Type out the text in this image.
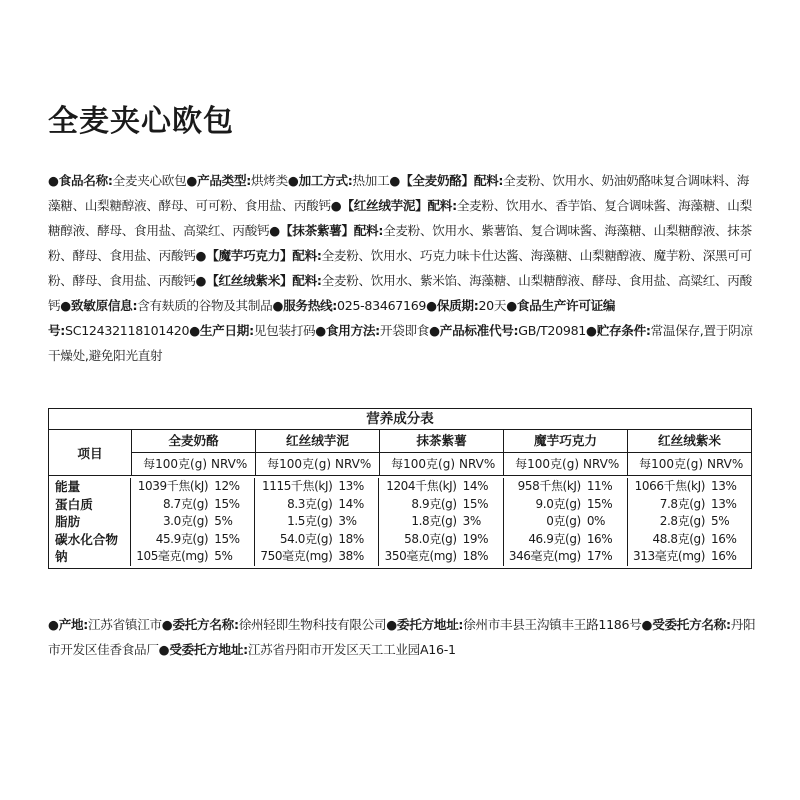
全麦夹心欧包
●食品名称:全麦夹心欧包●产品类型:烘烤类●加工方式:热加工●【全麦奶酪】配料:全麦粉、饮用水、奶油奶酪味复合调味料、海藻糖、山梨糖醇液、酵母、可可粉、食用盐、丙酸钙●【红丝绒芋泥】配料:全麦粉、饮用水、香芋馅、复合调味酱、海藻糖、山梨糖醇液、酵母、食用盐、高粱红、丙酸钙●【抹茶紫薯】配料:全麦粉、饮用水、紫薯馅、复合调味酱、海藻糖、山梨糖醇液、抹茶粉、酵母、食用盐、丙酸钙●【魔芋巧克力】配料:全麦粉、饮用水、巧克力味卡仕达酱、海藻糖、山梨糖醇液、魔芋粉、深黑可可粉、酵母、食用盐、丙酸钙●【红丝绒紫米】配料:全麦粉、饮用水、紫米馅、海藻糖、山梨糖醇液、酵母、食用盐、高粱红、丙酸钙●致敏原信息:含有麸质的谷物及其制品●服务热线:025-83467169●保质期:20天●食品生产许可证编号:SC12432118101420●生产日期:见包装打码●食用方法:开袋即食●产品标准代号:GB/T20981●贮存条件:常温保存,置于阴凉干燥处,避免阳光直射
营养成分表
项目
全麦奶酪
每100克(g) NRV%
红丝绒芋泥
每100克(g) NRV%
抹茶紫薯
每100克(g) NRV%
魔芋巧克力
每100克(g) NRV%
红丝绒紫米
每100克(g) NRV%
能量
蛋白质
脂肪
碳水化合物
钠
1039千焦(kJ) 12%
8.7克(g) 15%
3.0克(g) 5%
45.9克(g) 15%
105毫克(mg) 5%
1115千焦(kJ) 13%
8.3克(g) 14%
1.5克(g) 3%
54.0克(g) 18%
750毫克(mg) 38%
1204千焦(kJ) 14%
8.9克(g) 15%
1.8克(g) 3%
58.0克(g) 19%
350毫克(mg) 18%
958千焦(kJ) 11%
9.0克(g) 15%
0克(g) 0%
46.9克(g) 16%
346毫克(mg) 17%
1066千焦(kJ) 13%
7.8克(g) 13%
2.8克(g) 5%
48.8克(g) 16%
313毫克(mg) 16%
●产地:江苏省镇江市●委托方名称:徐州轻即生物科技有限公司●委托方地址:徐州市丰县王沟镇丰王路1186号●受委托方名称:丹阳市开发区佳香食品厂●受委托方地址:江苏省丹阳市开发区天工工业园A16-1
